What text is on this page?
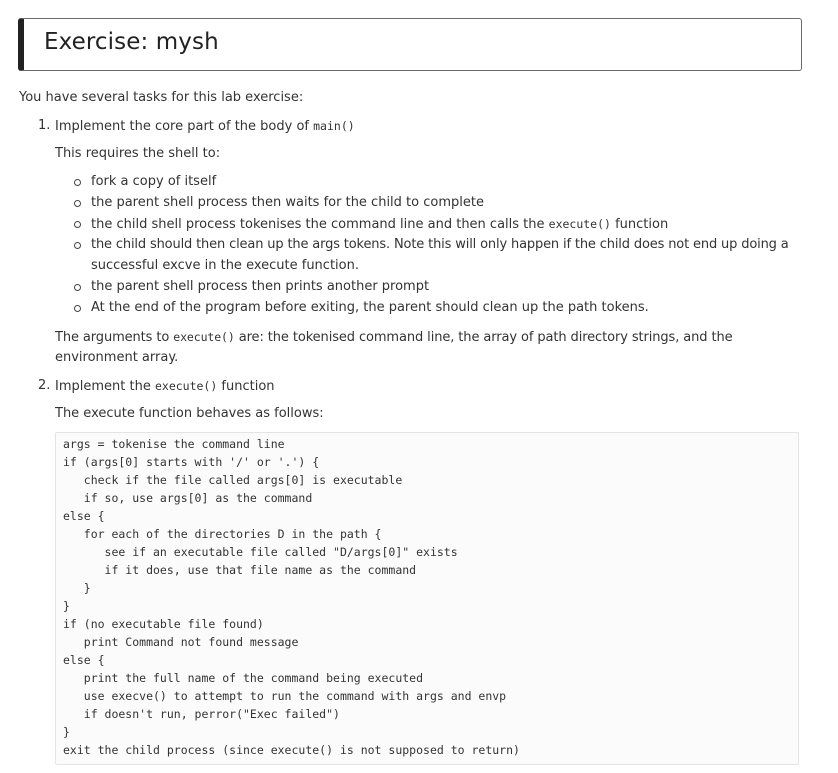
Exercise: mysh
You have several tasks for this lab exercise:
1. Implement the core part of the body of main()
This requires the shell to:
fork a copy of itself
the parent shell process then waits for the child to complete
the child shell process tokenises the command line and then calls the execute() function
the child should then clean up the args tokens. Note this will only happen if the child does not end up doing a
successful excve in the execute function.
the parent shell process then prints another prompt
At the end of the program before exiting, the parent should clean up the path tokens.
The arguments to execute() are: the tokenised command line, the array of path directory strings, and the
environment array.
2. Implement the execute() function
The execute function behaves as follows:
args = tokenise the command line
if (args[0] starts with '/' or '.') {
check if the file called args[0] is executable
if so, use args[0] as the command
else {
for each of the directories D in the path {
see if an executable file called "D/args[0]" exists
if it does, use that file name as the command
}
}
if (no executable file found)
print Command not found message
else {
print the full name of the command being executed
use execve() to attempt to run the command with args and envp
if doesn't run, perror("Exec failed")
}
exit the child process (since execute() is not supposed to return)
